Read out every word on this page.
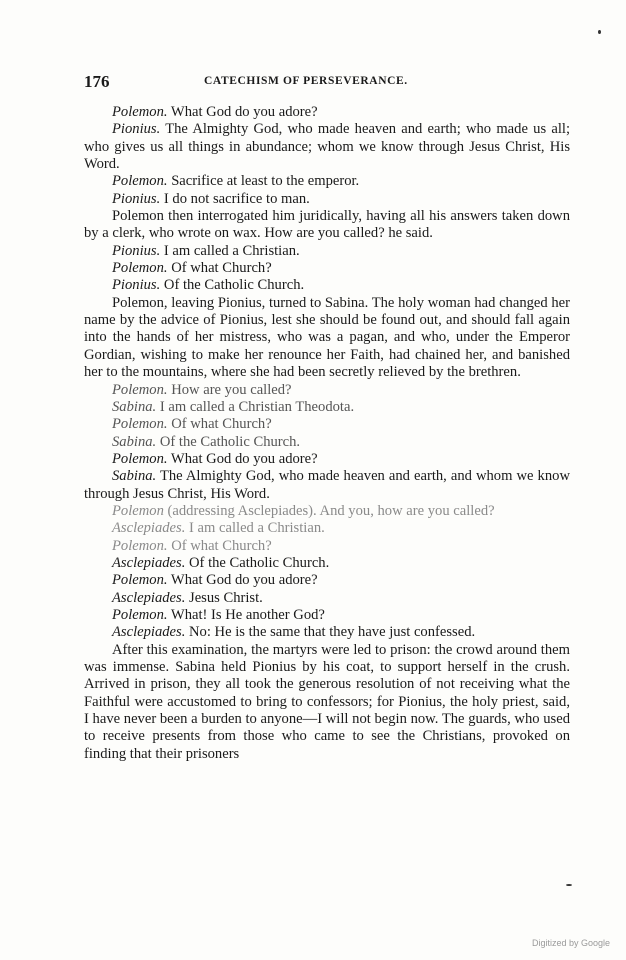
176	CATECHISM OF PERSEVERANCE.

Polemon. What God do you adore?

Pionius. The Almighty God, who made heaven and earth; who made us all; who gives us all things in abundance; whom we know through Jesus Christ, His Word.

Polemon. Sacrifice at least to the emperor.

Pionius. I do not sacrifice to man.

Polemon then interrogated him juridically, having all his answers taken down by a clerk, who wrote on wax. How are you called? he said.

Pionius. I am called a Christian.

Polemon. Of what Church?

Pionius. Of the Catholic Church.

Polemon, leaving Pionius, turned to Sabina. The holy woman had changed her name by the advice of Pionius, lest she should be found out, and should fall again into the hands of her mistress, who was a pagan, and who, under the Emperor Gordian, wishing to make her renounce her Faith, had chained her, and banished her to the mountains, where she had been secretly relieved by the brethren.

Polemon. How are you called?

Sabina. I am called a Christian Theodota.

Polemon. Of what Church?

Sabina. Of the Catholic Church.

Polemon. What God do you adore?

Sabina. The Almighty God, who made heaven and earth, and whom we know through Jesus Christ, His Word.

Polemon (addressing Asclepiades). And you, how are you called?

Asclepiades. I am called a Christian.

Polemon. Of what Church?

Asclepiades. Of the Catholic Church.

Polemon. What God do you adore?

Asclepiades. Jesus Christ.

Polemon. What! Is He another God?

Asclepiades. No: He is the same that they have just confessed.

After this examination, the martyrs were led to prison: the crowd around them was immense. Sabina held Pionius by his coat, to support herself in the crush. Arrived in prison, they all took the generous resolution of not receiving what the Faithful were accustomed to bring to confessors; for Pionius, the holy priest, said, I have never been a burden to anyone—I will not begin now. The guards, who used to receive presents from those who came to see the Christians, provoked on finding that their prisoners

Digitized by Google
